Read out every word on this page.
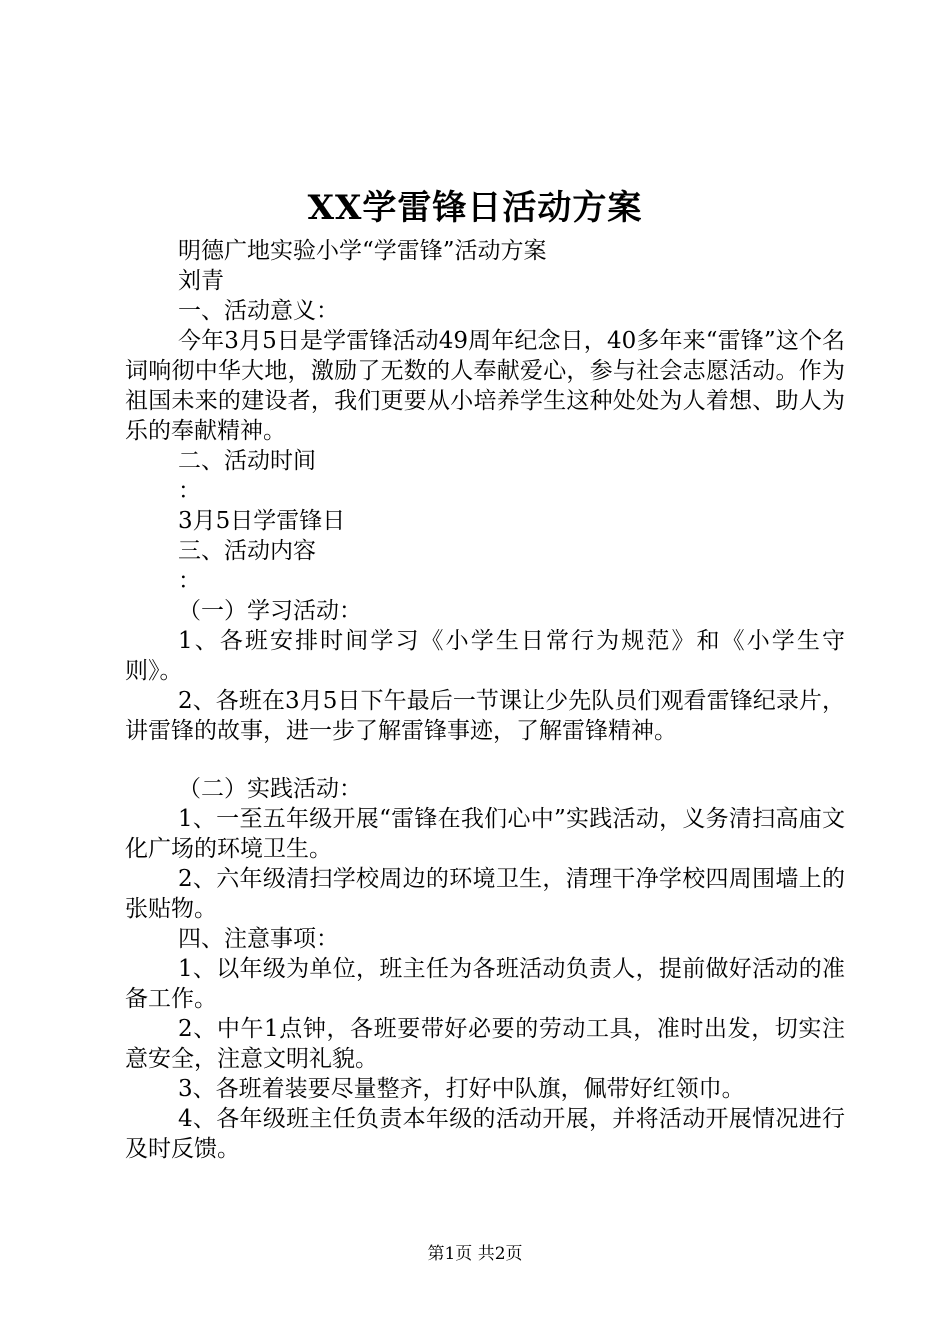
XX学雷锋日活动方案

明德广地实验小学“学雷锋”活动方案

刘青

一、活动意义：

今年3月5日是学雷锋活动49周年纪念日，40多年来“雷锋”这个名词响彻中华大地，激励了无数的人奉献爱心，参与社会志愿活动。作为祖国未来的建设者，我们更要从小培养学生这种处处为人着想、助人为乐的奉献精神。

二、活动时间

：

3月5日学雷锋日

三、活动内容

：

（一）学习活动：

1、各班安排时间学习《小学生日常行为规范》和《小学生守则》。

2、各班在3月5日下午最后一节课让少先队员们观看雷锋纪录片，讲雷锋的故事，进一步了解雷锋事迹，了解雷锋精神。

（二）实践活动：

1、一至五年级开展“雷锋在我们心中”实践活动，义务清扫高庙文化广场的环境卫生。

2、六年级清扫学校周边的环境卫生，清理干净学校四周围墙上的张贴物。

四、注意事项：

1、以年级为单位，班主任为各班活动负责人，提前做好活动的准备工作。

2、中午1点钟，各班要带好必要的劳动工具，准时出发，切实注意安全，注意文明礼貌。

3、各班着装要尽量整齐，打好中队旗，佩带好红领巾。

4、各年级班主任负责本年级的活动开展，并将活动开展情况进行及时反馈。

第1页 共2页
